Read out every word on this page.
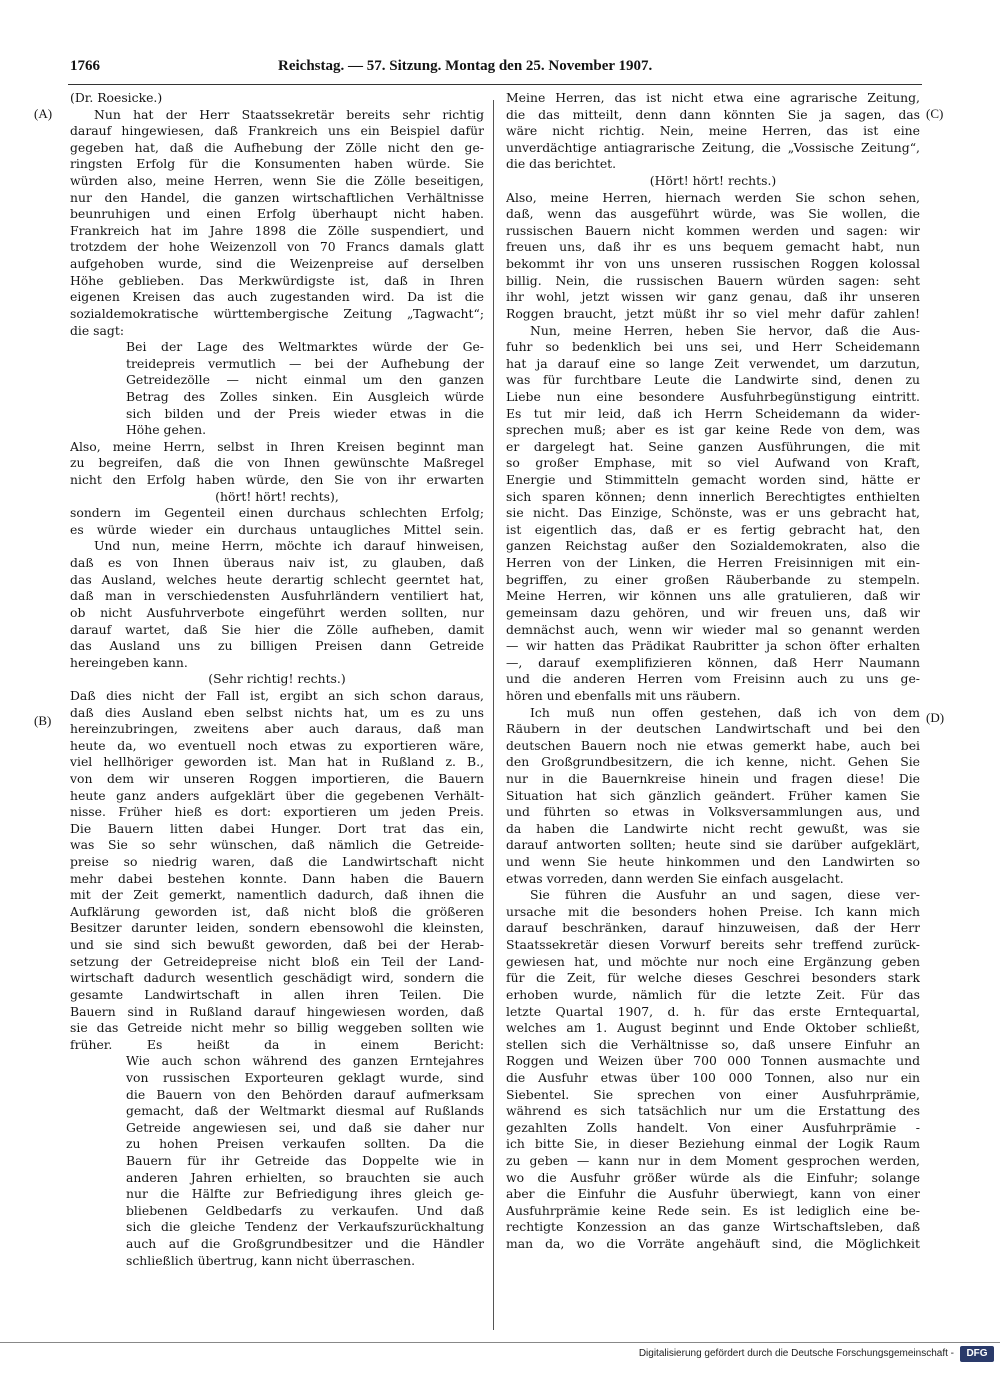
1766	Reichstag. — 57. Sitzung. Montag den 25. November 1907.
(A)
(B)
(C)
(D)
(Dr. Roesicke.)
Nun hat der Herr Staatssekretär bereits sehr richtig
darauf hingewiesen, daß Frankreich uns ein Beispiel dafür
gegeben hat, daß die Aufhebung der Zölle nicht den ge-
ringsten Erfolg für die Konsumenten haben würde. Sie
würden also, meine Herren, wenn Sie die Zölle beseitigen,
nur den Handel, die ganzen wirtschaftlichen Verhältnisse
beunruhigen und einen Erfolg überhaupt nicht haben.
Frankreich hat im Jahre 1898 die Zölle suspendiert, und
trotzdem der hohe Weizenzoll von 70 Francs damals glatt
aufgehoben wurde, sind die Weizenpreise auf derselben
Höhe geblieben. Das Merkwürdigste ist, daß in Ihren
eigenen Kreisen das auch zugestanden wird. Da ist die
sozialdemokratische württembergische Zeitung „Tagwacht“;
die sagt:
Bei der Lage des Weltmarktes würde der Ge-
treidepreis vermutlich — bei der Aufhebung der
Getreidezölle — nicht einmal um den ganzen
Betrag des Zolles sinken. Ein Ausgleich würde
sich bilden und der Preis wieder etwas in die
Höhe gehen.
Also, meine Herrn, selbst in Ihren Kreisen beginnt man
zu begreifen, daß die von Ihnen gewünschte Maßregel
nicht den Erfolg haben würde, den Sie von ihr erwarten
(hört! hört! rechts),
sondern im Gegenteil einen durchaus schlechten Erfolg;
es würde wieder ein durchaus untaugliches Mittel sein.
Und nun, meine Herrn, möchte ich darauf hinweisen,
daß es von Ihnen überaus naiv ist, zu glauben, daß
das Ausland, welches heute derartig schlecht geerntet hat,
daß man in verschiedensten Ausfuhrländern ventiliert hat,
ob nicht Ausfuhrverbote eingeführt werden sollten, nur
darauf wartet, daß Sie hier die Zölle aufheben, damit
das Ausland uns zu billigen Preisen dann Getreide
hereingeben kann.
(Sehr richtig! rechts.)
Daß dies nicht der Fall ist, ergibt an sich schon daraus,
daß dies Ausland eben selbst nichts hat, um es zu uns
hereinzubringen, zweitens aber auch daraus, daß man
heute da, wo eventuell noch etwas zu exportieren wäre,
viel hellhöriger geworden ist. Man hat in Rußland z. B.,
von dem wir unseren Roggen importieren, die Bauern
heute ganz anders aufgeklärt über die gegebenen Verhält-
nisse. Früher hieß es dort: exportieren um jeden Preis.
Die Bauern litten dabei Hunger. Dort trat das ein,
was Sie so sehr wünschen, daß nämlich die Getreide-
preise so niedrig waren, daß die Landwirtschaft nicht
mehr dabei bestehen konnte. Dann haben die Bauern
mit der Zeit gemerkt, namentlich dadurch, daß ihnen die
Aufklärung geworden ist, daß nicht bloß die größeren
Besitzer darunter leiden, sondern ebensowohl die kleinsten,
und sie sind sich bewußt geworden, daß bei der Herab-
setzung der Getreidepreise nicht bloß ein Teil der Land-
wirtschaft dadurch wesentlich geschädigt wird, sondern die
gesamte Landwirtschaft in allen ihren Teilen. Die
Bauern sind in Rußland darauf hingewiesen worden, daß
sie das Getreide nicht mehr so billig weggeben sollten wie
früher. Es heißt da in einem Bericht:
Wie auch schon während des ganzen Erntejahres
von russischen Exporteuren geklagt wurde, sind
die Bauern von den Behörden darauf aufmerksam
gemacht, daß der Weltmarkt diesmal auf Rußlands
Getreide angewiesen sei, und daß sie daher nur
zu hohen Preisen verkaufen sollten. Da die
Bauern für ihr Getreide das Doppelte wie in
anderen Jahren erhielten, so brauchten sie auch
nur die Hälfte zur Befriedigung ihres gleich ge-
bliebenen Geldbedarfs zu verkaufen. Und daß
sich die gleiche Tendenz der Verkaufszurückhaltung
auch auf die Großgrundbesitzer und die Händler
schließlich übertrug, kann nicht überraschen.
Meine Herren, das ist nicht etwa eine agrarische Zeitung,
die das mitteilt, denn dann könnten Sie ja sagen, das
wäre nicht richtig. Nein, meine Herren, das ist eine
unverdächtige antiagrarische Zeitung, die „Vossische Zeitung“,
die das berichtet.
(Hört! hört! rechts.)
Also, meine Herren, hiernach werden Sie schon sehen,
daß, wenn das ausgeführt würde, was Sie wollen, die
russischen Bauern nicht kommen werden und sagen: wir
freuen uns, daß ihr es uns bequem gemacht habt, nun
bekommt ihr von uns unseren russischen Roggen kolossal
billig. Nein, die russischen Bauern würden sagen: seht
ihr wohl, jetzt wissen wir ganz genau, daß ihr unseren
Roggen braucht, jetzt müßt ihr so viel mehr dafür zahlen!
Nun, meine Herren, heben Sie hervor, daß die Aus-
fuhr so bedenklich bei uns sei, und Herr Scheidemann
hat ja darauf eine so lange Zeit verwendet, um darzutun,
was für furchtbare Leute die Landwirte sind, denen zu
Liebe nun eine besondere Ausfuhrbegünstigung eintritt.
Es tut mir leid, daß ich Herrn Scheidemann da wider-
sprechen muß; aber es ist gar keine Rede von dem, was
er dargelegt hat. Seine ganzen Ausführungen, die mit
so großer Emphase, mit so viel Aufwand von Kraft,
Energie und Stimmitteln gemacht worden sind, hätte er
sich sparen können; denn innerlich Berechtigtes enthielten
sie nicht. Das Einzige, Schönste, was er uns gebracht hat,
ist eigentlich das, daß er es fertig gebracht hat, den
ganzen Reichstag außer den Sozialdemokraten, also die
Herren von der Linken, die Herren Freisinnigen mit ein-
begriffen, zu einer großen Räuberbande zu stempeln.
Meine Herren, wir können uns alle gratulieren, daß wir
gemeinsam dazu gehören, und wir freuen uns, daß wir
demnächst auch, wenn wir wieder mal so genannt werden
— wir hatten das Prädikat Raubritter ja schon öfter erhalten
—, darauf exemplifizieren können, daß Herr Naumann
und die anderen Herren vom Freisinn auch zu uns ge-
hören und ebenfalls mit uns räubern.
Ich muß nun offen gestehen, daß ich von dem
Räubern in der deutschen Landwirtschaft und bei den
deutschen Bauern noch nie etwas gemerkt habe, auch bei
den Großgrundbesitzern, die ich kenne, nicht. Gehen Sie
nur in die Bauernkreise hinein und fragen diese! Die
Situation hat sich gänzlich geändert. Früher kamen Sie
und führten so etwas in Volksversammlungen aus, und
da haben die Landwirte nicht recht gewußt, was sie
darauf antworten sollten; heute sind sie darüber aufgeklärt,
und wenn Sie heute hinkommen und den Landwirten so
etwas vorreden, dann werden Sie einfach ausgelacht.
Sie führen die Ausfuhr an und sagen, diese ver-
ursache mit die besonders hohen Preise. Ich kann mich
darauf beschränken, darauf hinzuweisen, daß der Herr
Staatssekretär diesen Vorwurf bereits sehr treffend zurück-
gewiesen hat, und möchte nur noch eine Ergänzung geben
für die Zeit, für welche dieses Geschrei besonders stark
erhoben wurde, nämlich für die letzte Zeit. Für das
letzte Quartal 1907, d. h. für das erste Erntequartal,
welches am 1. August beginnt und Ende Oktober schließt,
stellen sich die Verhältnisse so, daß unsere Einfuhr an
Roggen und Weizen über 700 000 Tonnen ausmachte und
die Ausfuhr etwas über 100 000 Tonnen, also nur ein
Siebentel. Sie sprechen von einer Ausfuhrprämie,
während es sich tatsächlich nur um die Erstattung des
gezahlten Zolls handelt. Von einer Ausfuhrprämie -
ich bitte Sie, in dieser Beziehung einmal der Logik Raum
zu geben — kann nur in dem Moment gesprochen werden,
wo die Ausfuhr größer würde als die Einfuhr; solange
aber die Einfuhr die Ausfuhr überwiegt, kann von einer
Ausfuhrprämie keine Rede sein. Es ist lediglich eine be-
rechtigte Konzession an das ganze Wirtschaftsleben, daß
man da, wo die Vorräte angehäuft sind, die Möglichkeit
Digitalisierung gefördert durch die Deutsche Forschungsgemeinschaft -	DFG
